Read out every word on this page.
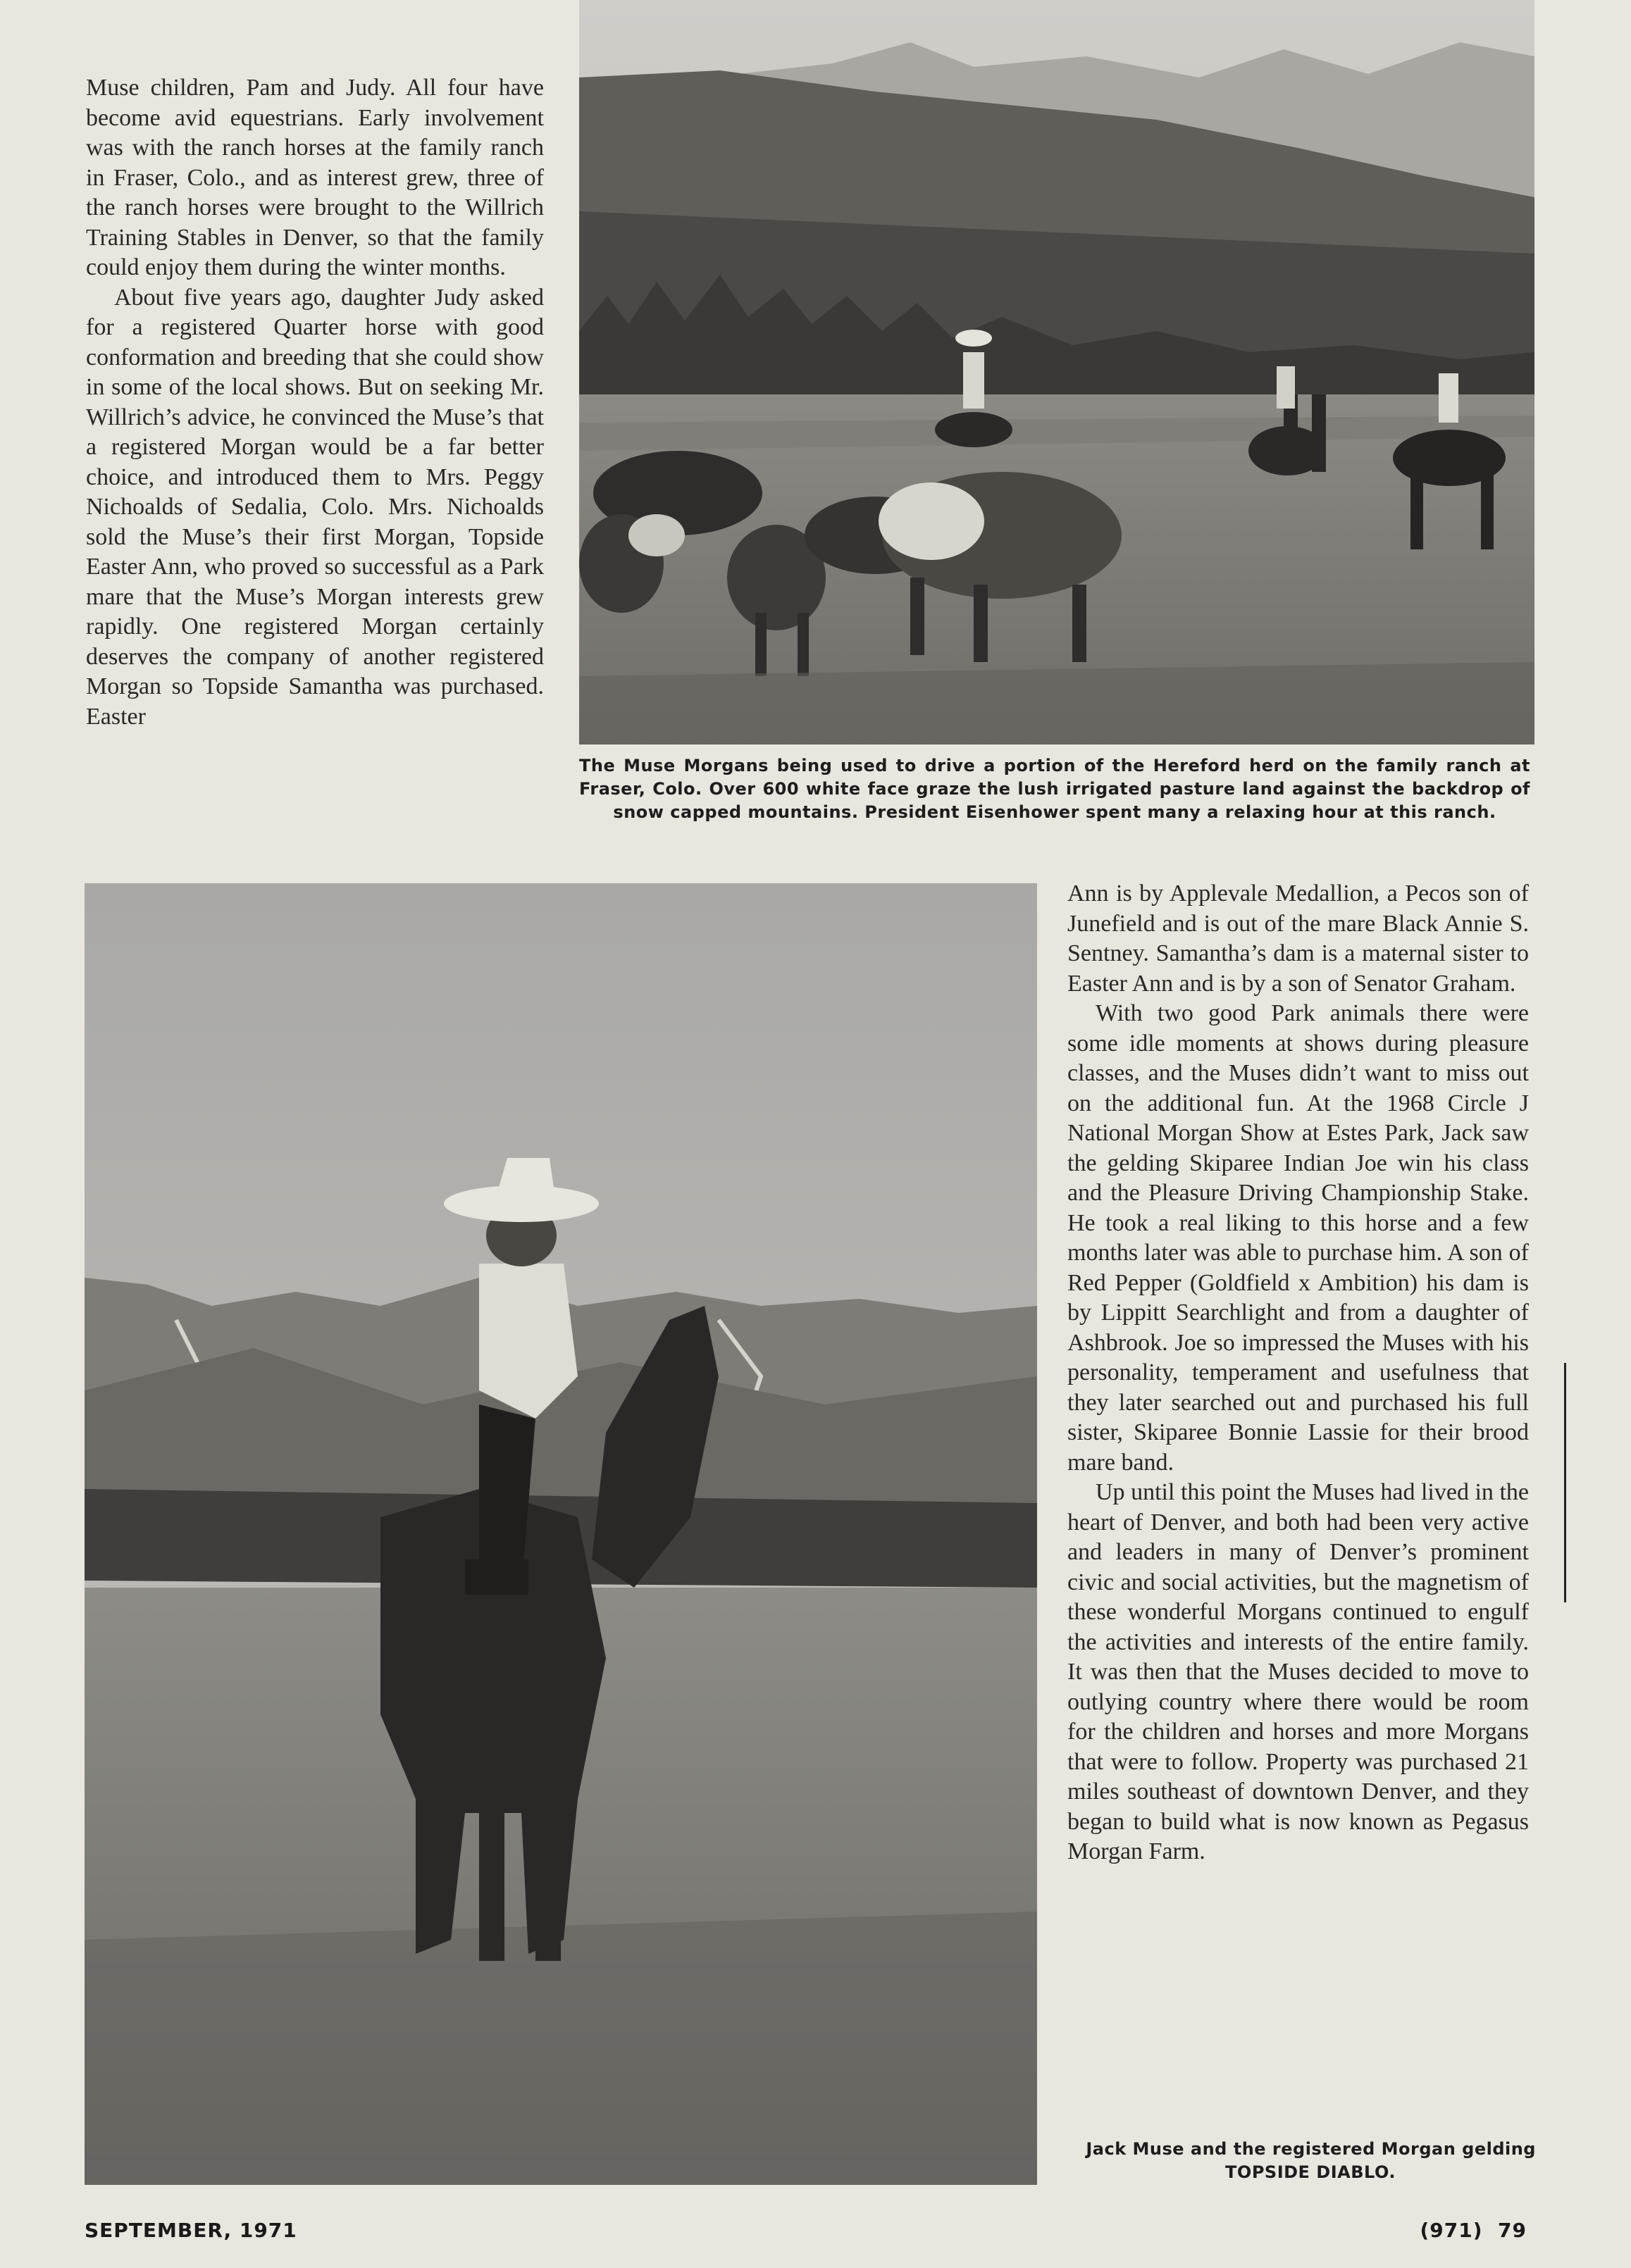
Muse children, Pam and Judy. All four have become avid equestrians. Early involvement was with the ranch horses at the family ranch in Fraser, Colo., and as interest grew, three of the ranch horses were brought to the Willrich Training Stables in Denver, so that the family could enjoy them during the winter months.

About five years ago, daughter Judy asked for a registered Quarter horse with good conformation and breeding that she could show in some of the local shows. But on seeking Mr. Willrich’s advice, he convinced the Muse’s that a registered Morgan would be a far better choice, and introduced them to Mrs. Peggy Nichoalds of Sedalia, Colo. Mrs. Nichoalds sold the Muse’s their first Morgan, Topside Easter Ann, who proved so successful as a Park mare that the Muse’s Morgan interests grew rapidly. One registered Morgan certainly deserves the company of another registered Morgan so Topside Samantha was purchased. Easter

The Muse Morgans being used to drive a portion of the Hereford herd on the family ranch at Fraser, Colo. Over 600 white face graze the lush irrigated pasture land against the backdrop of snow capped mountains. President Eisenhower spent many a relaxing hour at this ranch.

Ann is by Applevale Medallion, a Pecos son of Junefield and is out of the mare Black Annie S. Sentney. Samantha’s dam is a maternal sister to Easter Ann and is by a son of Senator Graham.

With two good Park animals there were some idle moments at shows during pleasure classes, and the Muses didn’t want to miss out on the additional fun. At the 1968 Circle J National Morgan Show at Estes Park, Jack saw the gelding Skiparee Indian Joe win his class and the Pleasure Driving Championship Stake. He took a real liking to this horse and a few months later was able to purchase him. A son of Red Pepper (Goldfield x Ambition) his dam is by Lippitt Searchlight and from a daughter of Ashbrook. Joe so impressed the Muses with his personality, temperament and usefulness that they later searched out and purchased his full sister, Skiparee Bonnie Lassie for their brood mare band.

Up until this point the Muses had lived in the heart of Denver, and both had been very active and leaders in many of Denver’s prominent civic and social activities, but the magnetism of these wonderful Morgans continued to engulf the activities and interests of the entire family. It was then that the Muses decided to move to outlying country where there would be room for the children and horses and more Morgans that were to follow. Property was purchased 21 miles southeast of downtown Denver, and they began to build what is now known as Pegasus Morgan Farm.

Jack Muse and the registered Morgan gelding
TOPSIDE DIABLO.
SEPTEMBER, 1971	(971)  79
